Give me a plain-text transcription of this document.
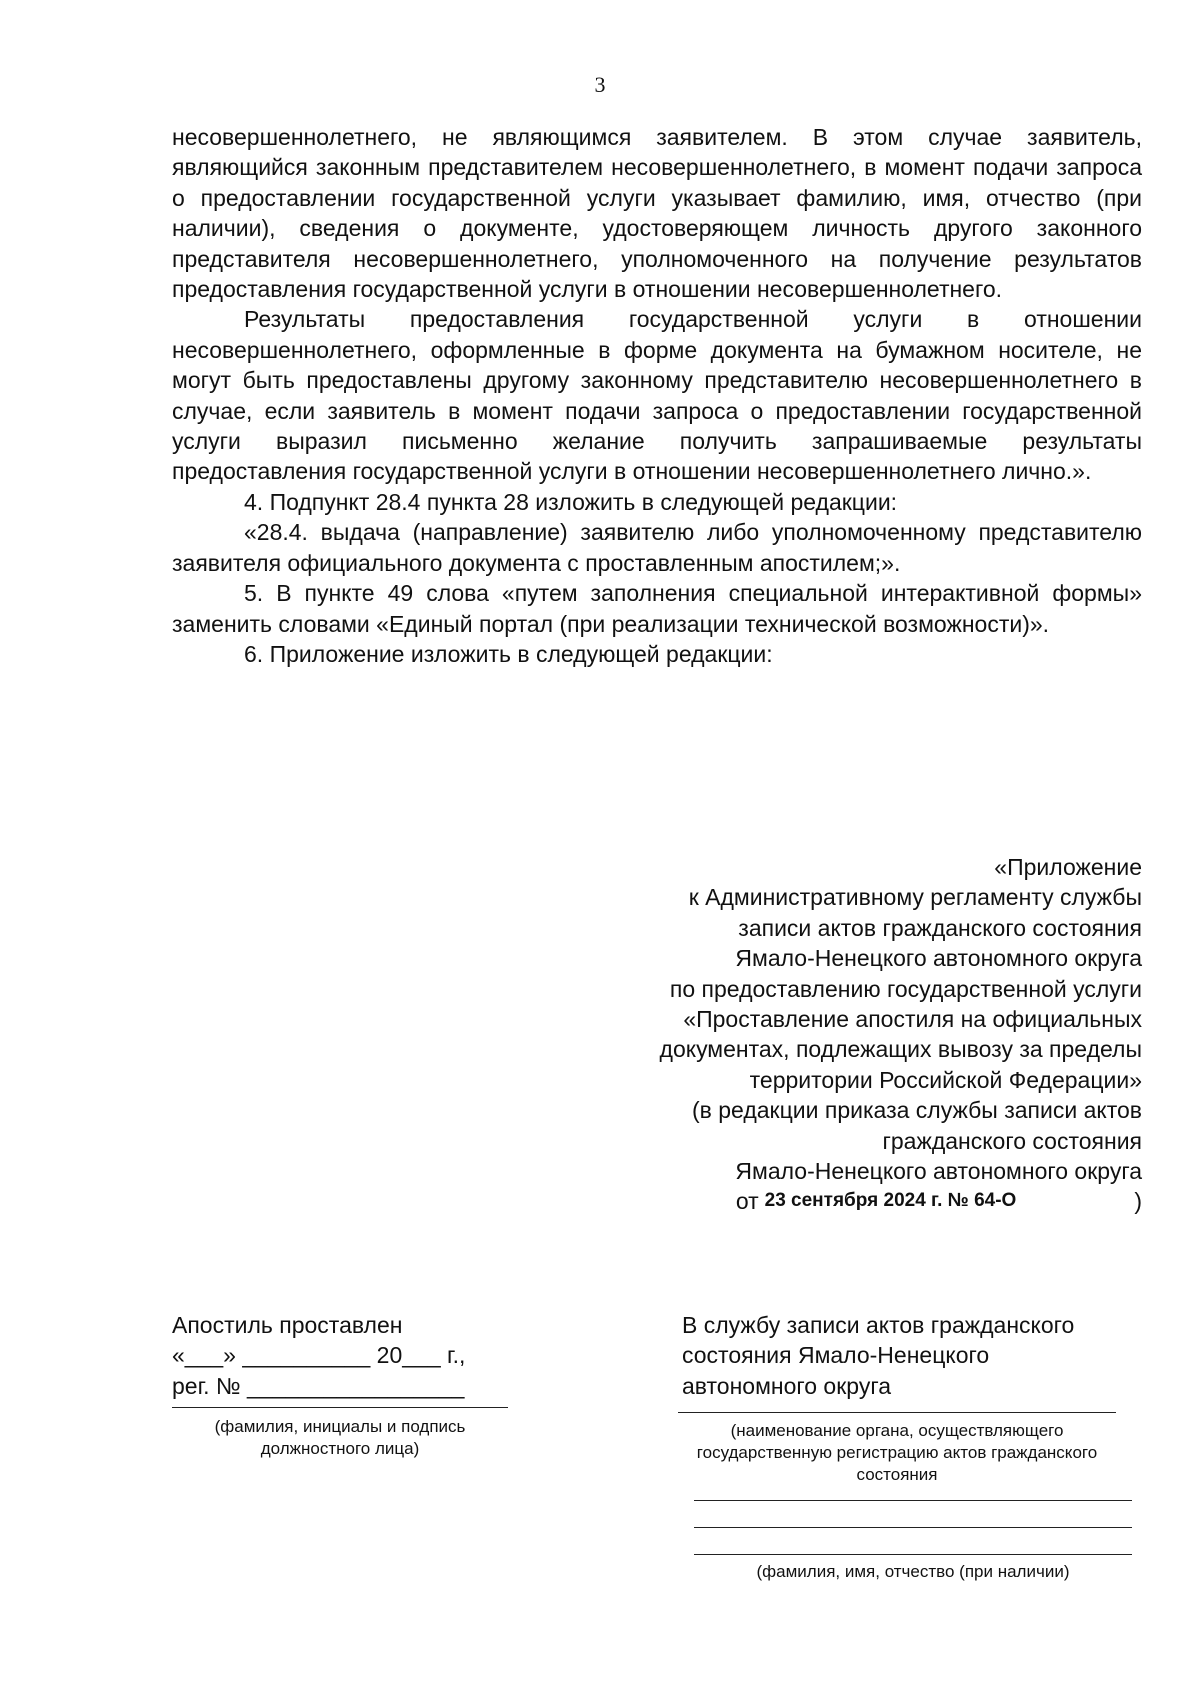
3

несовершеннолетнего, не являющимся заявителем. В этом случае заявитель, являющийся законным представителем несовершеннолетнего, в момент подачи запроса о предоставлении государственной услуги указывает фамилию, имя, отчество (при наличии), сведения о документе, удостоверяющем личность другого законного представителя несовершеннолетнего, уполномоченного на получение результатов предоставления государственной услуги в отношении несовершеннолетнего.

Результаты предоставления государственной услуги в отношении несовершеннолетнего, оформленные в форме документа на бумажном носителе, не могут быть предоставлены другому законному представителю несовершеннолетнего в случае, если заявитель в момент подачи запроса о предоставлении государственной услуги выразил письменно желание получить запрашиваемые результаты предоставления государственной услуги в отношении несовершеннолетнего лично.».

4. Подпункт 28.4 пункта 28 изложить в следующей редакции:

«28.4. выдача (направление) заявителю либо уполномоченному представителю заявителя официального документа с проставленным апостилем;».

5. В пункте 49 слова «путем заполнения специальной интерактивной формы» заменить словами «Единый портал (при реализации технической возможности)».

6. Приложение изложить в следующей редакции:

«Приложение
к Административному регламенту службы
записи актов гражданского состояния
Ямало-Ненецкого автономного округа
по предоставлению государственной услуги
«Проставление апостиля на официальных
документах, подлежащих вывозу за пределы
территории Российской Федерации»
(в редакции приказа службы записи актов
гражданского состояния
Ямало-Ненецкого автономного округа
от 23 сентября 2024 г. № 64-О	)
Апостиль проставлен
«___» __________ 20___ г.,
рег. № _________________
(фамилия, инициалы и подпись должностного лица)
В службу записи актов гражданского
состояния Ямало-Ненецкого
автономного округа
(наименование органа, осуществляющего государственную регистрацию актов гражданского состояния
(фамилия, имя, отчество (при наличии)
